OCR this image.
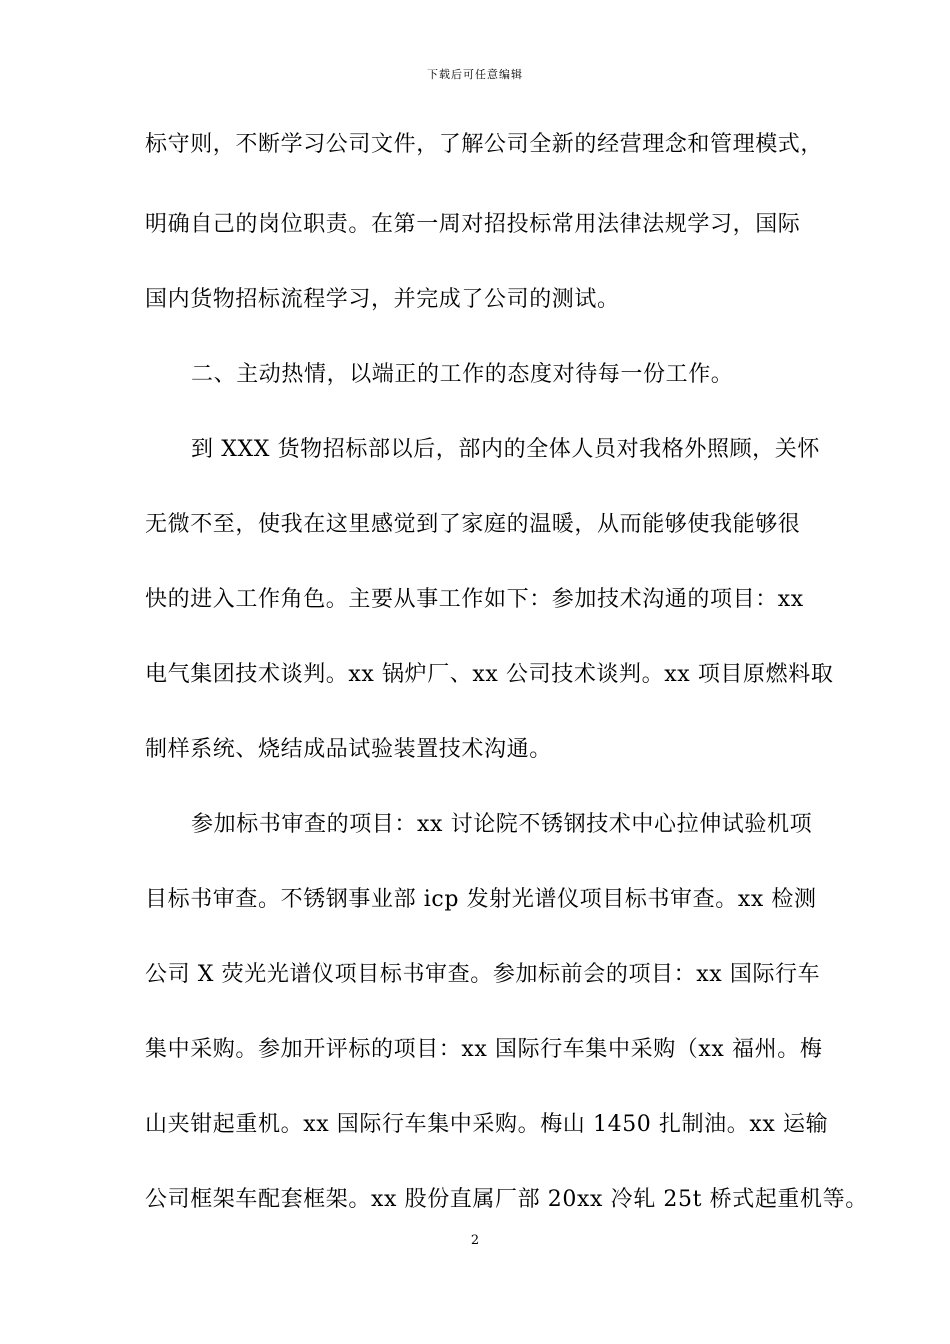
下载后可任意编辑
标守则，不断学习公司文件，了解公司全新的经营理念和管理模式，
明确自己的岗位职责。在第一周对招投标常用法律法规学习，国际
国内货物招标流程学习，并完成了公司的测试。
二、主动热情，以端正的工作的态度对待每一份工作。
到 XXX 货物招标部以后，部内的全体人员对我格外照顾，关怀
无微不至，使我在这里感觉到了家庭的温暖，从而能够使我能够很
快的进入工作角色。主要从事工作如下：参加技术沟通的项目：xx
电气集团技术谈判。xx 锅炉厂、xx 公司技术谈判。xx 项目原燃料取
制样系统、烧结成品试验装置技术沟通。
参加标书审查的项目：xx 讨论院不锈钢技术中心拉伸试验机项
目标书审查。不锈钢事业部 icp 发射光谱仪项目标书审查。xx 检测
公司 X 荧光光谱仪项目标书审查。参加标前会的项目：xx 国际行车
集中采购。参加开评标的项目：xx 国际行车集中采购（xx 福州。梅
山夹钳起重机。xx 国际行车集中采购。梅山 1450 扎制油。xx 运输
公司框架车配套框架。xx 股份直属厂部 20xx 冷轧 25t 桥式起重机等。
2
